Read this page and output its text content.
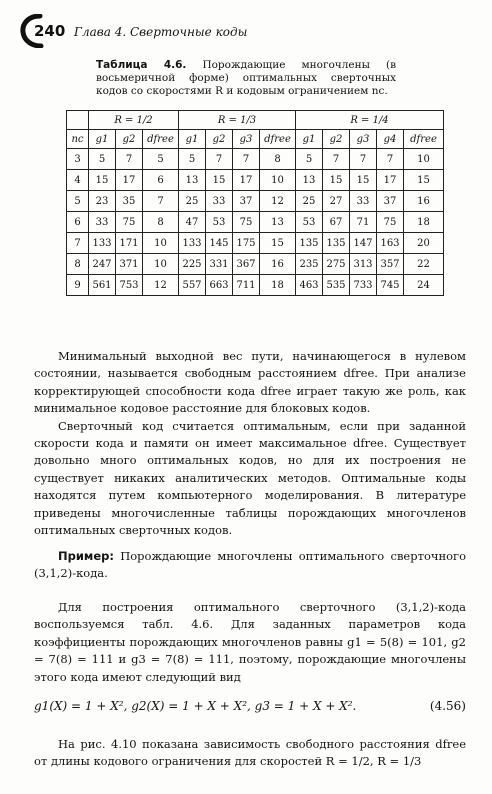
240 Глава 4. Сверточные коды
Таблица 4.6. Порождающие многочлены (в восьмеричной форме) оптимальных сверточных кодов со скоростями R и кодовым ограничением nc.
	R = 1/2			R = 1/3				R = 1/4				
nc	g1	g2	dfree	g1	g2	g3	dfree	g1	g2	g3	g4	dfree
3	5	7	5	5	7	7	8	5	7	7	7	10
4	15	17	6	13	15	17	10	13	15	15	17	15
5	23	35	7	25	33	37	12	25	27	33	37	16
6	33	75	8	47	53	75	13	53	67	71	75	18
7	133	171	10	133	145	175	15	135	135	147	163	20
8	247	371	10	225	331	367	16	235	275	313	357	22
9	561	753	12	557	663	711	18	463	535	733	745	24

Минимальный выходной вес пути, начинающегося в нулевом состоянии, называется свободным расстоянием dfree. При анализе корректирующей способности кода dfree играет такую же роль, как минимальное кодовое расстояние для блоковых кодов.

Сверточный код считается оптимальным, если при заданной скорости кода и памяти он имеет максимальное dfree. Существует довольно много оптимальных кодов, но для их построения не существует никаких аналитических методов. Оптимальные коды находятся путем компьютерного моделирования. В литературе приведены многочисленные таблицы порождающих многочленов оптимальных сверточных кодов.

Пример: Порождающие многочлены оптимального сверточного (3,1,2)-кода.

Для построения оптимального сверточного (3,1,2)-кода воспользуемся табл. 4.6. Для заданных параметров кода коэффициенты порождающих многочленов равны g1 = 5(8) = 101, g2 = 7(8) = 111 и g3 = 7(8) = 111, поэтому, порождающие многочлены этого кода имеют следующий вид

g1(X) = 1 + X², g2(X) = 1 + X + X², g3 = 1 + X + X².	(4.56)

На рис. 4.10 показана зависимость свободного расстояния dfree от длины кодового ограничения для скоростей R = 1/2, R = 1/3
